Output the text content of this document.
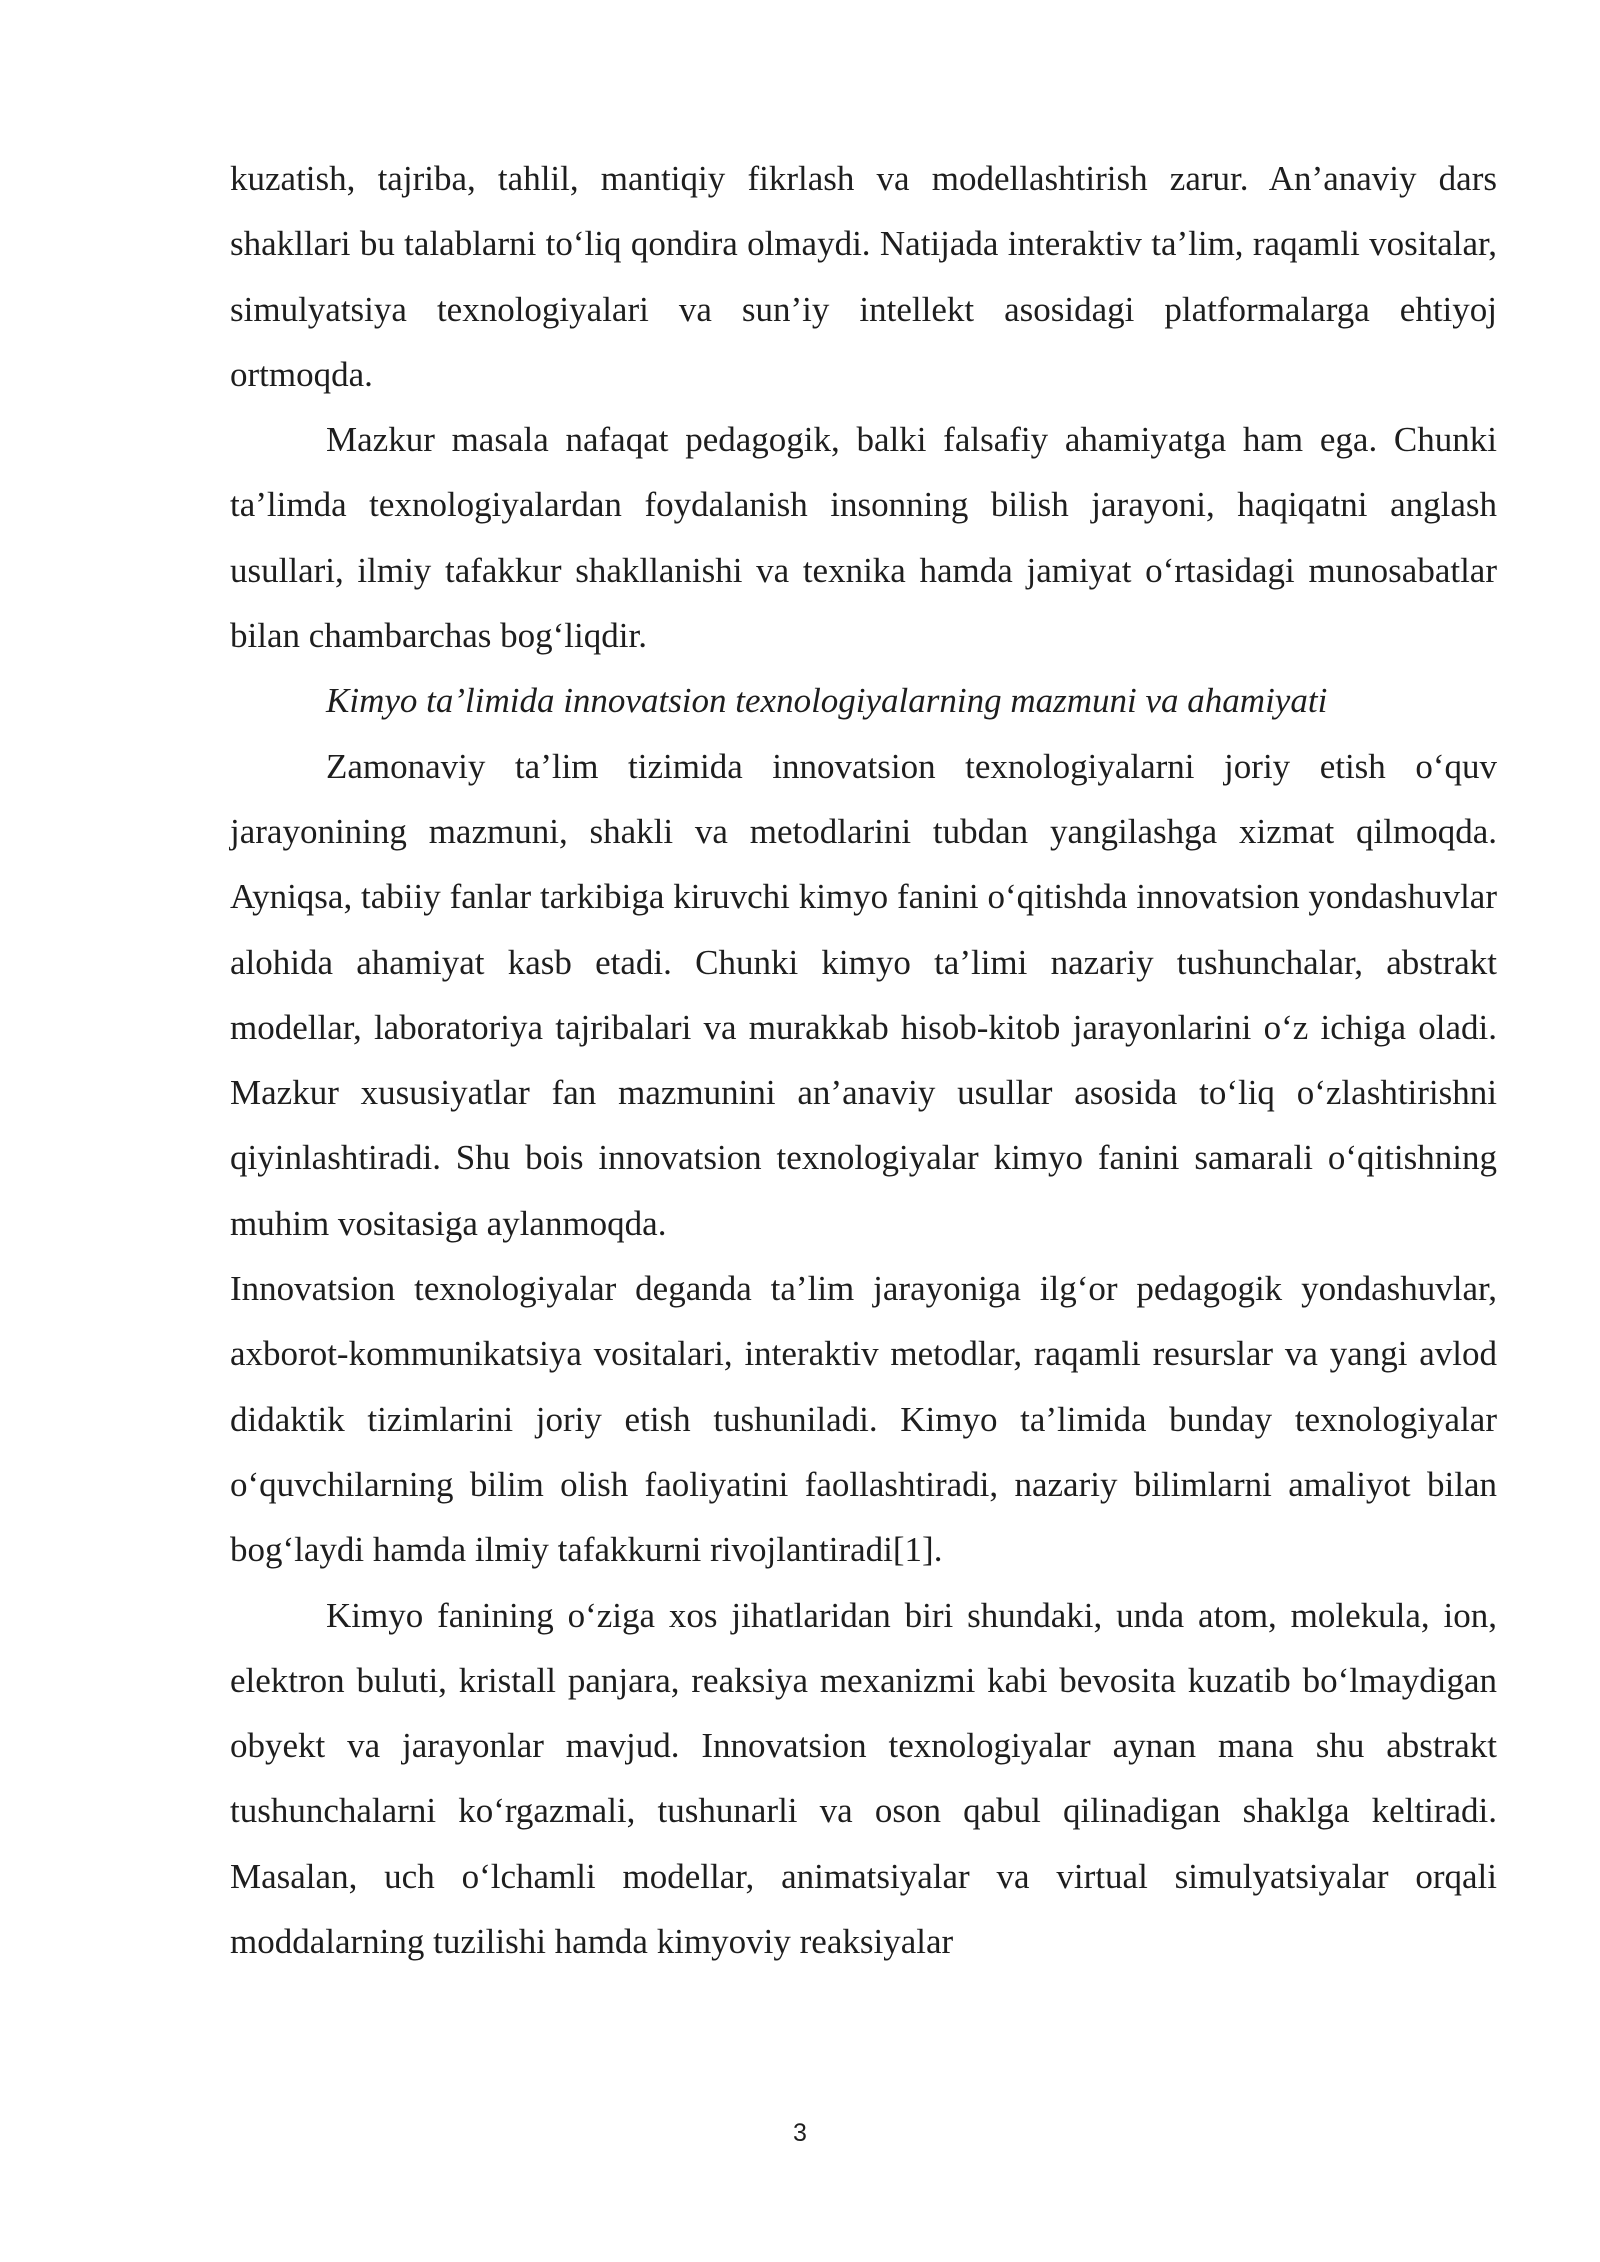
kuzatish, tajriba, tahlil, mantiqiy fikrlash va modellashtirish zarur. An’anaviy dars shakllari bu talablarni to‘liq qondira olmaydi. Natijada interaktiv ta’lim, raqamli vositalar, simulyatsiya texnologiyalari va sun’iy intellekt asosidagi platformalarga ehtiyoj ortmoqda.

Mazkur masala nafaqat pedagogik, balki falsafiy ahamiyatga ham ega. Chunki ta’limda texnologiyalardan foydalanish insonning bilish jarayoni, haqiqatni anglash usullari, ilmiy tafakkur shakllanishi va texnika hamda jamiyat o‘rtasidagi munosabatlar bilan chambarchas bog‘liqdir.

Kimyo ta’limida innovatsion texnologiyalarning mazmuni va ahamiyati

Zamonaviy ta’lim tizimida innovatsion texnologiyalarni joriy etish o‘quv jarayonining mazmuni, shakli va metodlarini tubdan yangilashga xizmat qilmoqda. Ayniqsa, tabiiy fanlar tarkibiga kiruvchi kimyo fanini o‘qitishda innovatsion yondashuvlar alohida ahamiyat kasb etadi. Chunki kimyo ta’limi nazariy tushunchalar, abstrakt modellar, laboratoriya tajribalari va murakkab hisob-kitob jarayonlarini o‘z ichiga oladi. Mazkur xususiyatlar fan mazmunini an’anaviy usullar asosida to‘liq o‘zlashtirishni qiyinlashtiradi. Shu bois innovatsion texnologiyalar kimyo fanini samarali o‘qitishning muhim vositasiga aylanmoqda.

Innovatsion texnologiyalar deganda ta’lim jarayoniga ilg‘or pedagogik yondashuvlar, axborot-kommunikatsiya vositalari, interaktiv metodlar, raqamli resurslar va yangi avlod didaktik tizimlarini joriy etish tushuniladi. Kimyo ta’limida bunday texnologiyalar o‘quvchilarning bilim olish faoliyatini faollashtiradi, nazariy bilimlarni amaliyot bilan bog‘laydi hamda ilmiy tafakkurni rivojlantiradi[1].

Kimyo fanining o‘ziga xos jihatlaridan biri shundaki, unda atom, molekula, ion, elektron buluti, kristall panjara, reaksiya mexanizmi kabi bevosita kuzatib bo‘lmaydigan obyekt va jarayonlar mavjud. Innovatsion texnologiyalar aynan mana shu abstrakt tushunchalarni ko‘rgazmali, tushunarli va oson qabul qilinadigan shaklga keltiradi. Masalan, uch o‘lchamli modellar, animatsiyalar va virtual simulyatsiyalar orqali moddalarning tuzilishi hamda kimyoviy reaksiyalar

3
